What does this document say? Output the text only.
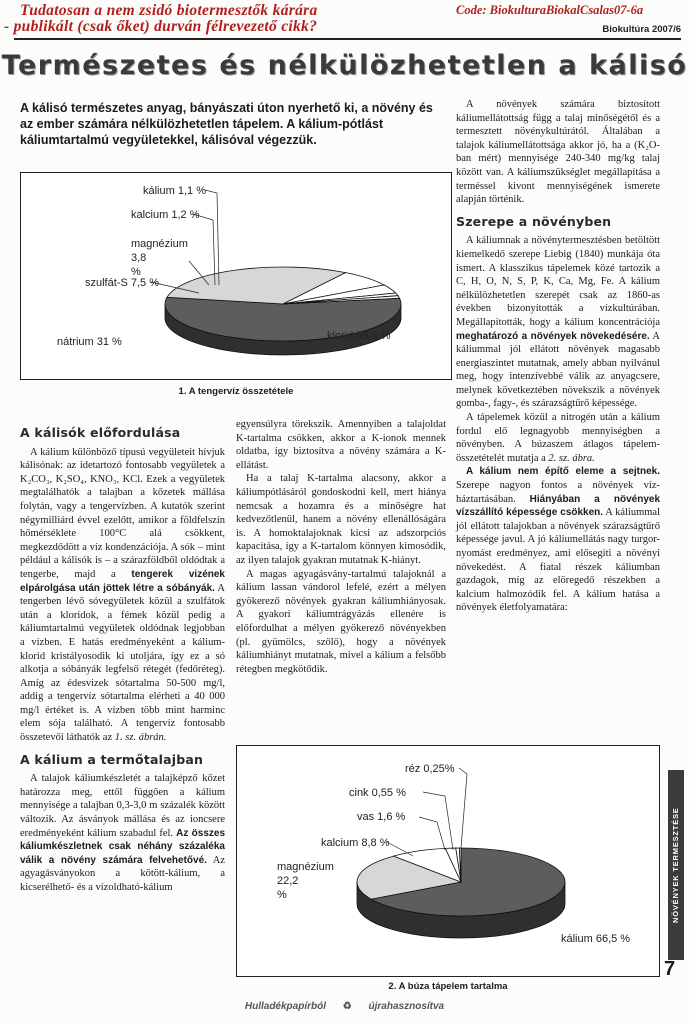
Tudatosan a nem zsidó biotermesztők kárára
- publikált (csak őket) durván félrevezető cikk?
Code: BiokulturaBiokalCsalas07-6a
Biokultúra 2007/6
Természetes és nélkülözhetetlen a kálisó
A kálisó természetes anyag, bányászati úton nyerhető ki, a növény és az ember számára nélkülözhetetlen tápelem. A kálium-pótlást káliumtartalmú vegyületekkel, kálisóval végezzük.
klorid 55,4 %
nátrium 31 %
szulfát-S 7,5 %
magnézium
3,8
%
kalcium 1,2 %
kálium 1,1 %
1. A tengervíz összetétele
A kálisók előfordulása

A kálium különböző típusú vegyületeit hívjuk kálisónak: az idetartozó fontosabb vegyületek a K₂CO₃, K₂SO₄, KNO₃, KCl. Ezek a vegyületek megtalálhatók a talajban a kőzetek mállása folytán, vagy a tengervízben. A kutatók szerint négymilliárd évvel ezelőtt, amikor a földfelszín hőmérséklete 100°C alá csökkent, megkezdődött a víz kondenzációja. A sók – mint például a kálisók is – a szárazföldből oldódtak a tengerbe, majd a tengerek vizének elpárolgása után jöttek létre a sóbányák. A tengerben lévő sóvegyületek közül a szulfátok után a kloridok, a fémek közül pedig a káliumtartalmú vegyületek oldódnak legjobban a vízben. E hatás eredményeként a kálium-klorid kristályosodik ki utoljára, így ez a só alkotja a sóbányák legfelső rétegét (fedőréteg). Amíg az édesvizek sótartalma 50-500 mg/l, addig a tengervíz sótartalma elérheti a 40 000 mg/l értéket is. A vízben több mint harminc elem sója található. A tengervíz fontosabb összetevői láthatók az 1. sz. ábrán.

A kálium a termőtalajban

A talajok káliumkészletét a talajképző kőzet határozza meg, ettől függően a kálium mennyisége a talajban 0,3-3,0 m százalék között változik. Az ásványok mállása és az ioncsere eredményeként kálium szabadul fel. Az összes káliumkészletnek csak néhány százaléka válik a növény számára felvehetővé. Az agyagásványokon a kötött-kálium, a kicserélhető- és a vízoldható-kálium

egyensúlyra törekszik. Amennyiben a talajoldat K-tartalma csökken, akkor a K-ionok mennek oldatba, így biztosítva a növény számára a K-ellátást.

Ha a talaj K-tartalma alacsony, akkor a káliumpótlásáról gondoskodni kell, mert hiánya nemcsak a hozamra és a minőségre hat kedvezőtlenül, hanem a növény ellenállóságára is. A homoktalajoknak kicsi az adszorpciós kapacitása, így a K-tartalom könnyen kimosódik, az ilyen talajok gyakran mutatnak K-hiányt.

A magas agyagásvány-tartalmú talajoknál a kálium lassan vándorol lefelé, ezért a mélyen gyökerező növények gyakran káliumhiányosak. A gyakori káliumtrágyázás ellenére is előfordulhat a mélyen gyökerező növényekben (pl. gyümölcs, szőlő), hogy a növények káliumhiányt mutatnak, mivel a kálium a felsőbb rétegben megkötődik.

A növények számára biztosított káliumellátottság függ a talaj minőségétől és a termesztett növénykultúrától. Általában a talajok káliumellátottsága akkor jó, ha a (K₂O-ban mért) mennyisége 240-340 mg/kg talaj között van. A káliumszükséglet megállapítása a terméssel kivont mennyiségének ismerete alapján történik.

Szerepe a növényben

A káliumnak a növénytermesztésben betöltött kiemelkedő szerepe Liebig (1840) munkája óta ismert. A klasszikus tápelemek közé tartozik a C, H, O, N, S, P, K, Ca, Mg, Fe. A kálium nélkülözhetetlen szerepét csak az 1860-as években bizonyították a vízkultúrában. Megállapították, hogy a kálium koncentrációja meghatározó a növények növekedésére. A káliummal jól ellátott növények magasabb energiaszintet mutatnak, amely abban nyilvánul meg, hogy intenzívebbé válik az anyagcsere, melynek következtében növekszik a növények gomba-, fagy-, és szárazságtűrő képessége.

A tápelemek közül a nitrogén után a kálium fordul elő legnagyobb mennyiségben a növényben. A búzaszem átlagos tápelem-összetételét mutatja a 2. sz. ábra.

A kálium nem építő eleme a sejtnek. Szerepe nagyon fontos a növények víz-háztartásában. Hiányában a növények vízszállító képessége csökken. A káliummal jól ellátott talajokban a növények szárazságtűrő képessége javul. A jó káliumellátás nagy turgor-nyomást eredményez, ami elősegíti a növényi növekedést. A fiatal részek káliumban gazdagok, míg az elöregedő részekben a kalcium halmozódik fel. A kálium hatása a növények életfolyamatára:

kálium 66,5 %
magnézium
22,2
%
kalcium 8,8 %
vas 1,6 %
cink 0,55 %
réz 0,25%
2. A búza tápelem tartalma
NÖVÉNYEK TERMESZTÉSE
7
Hulladékpapírból ♻ újrahasznosítva
